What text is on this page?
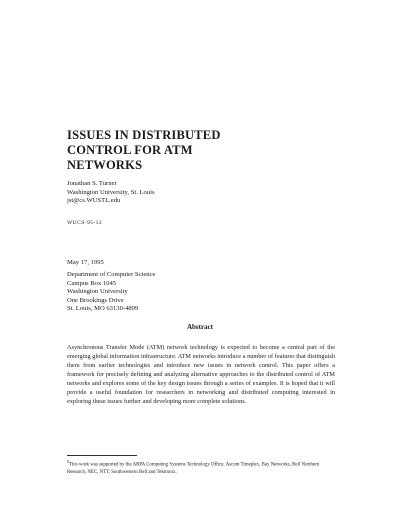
ISSUES IN DISTRIBUTED
CONTROL FOR ATM
NETWORKS
Jonathan S. Turner
Washington University, St. Louis
jst@cs.WUSTL.edu
WUCS-95-12
May 17, 1995
Department of Computer Science
Campus Box 1045
Washington University
One Brookings Drive
St. Louis, MO 63130-4899
Abstract
Asynchronous Transfer Mode (ATM) network technology is expected to become a central part of the emerging global information infrastructure. ATM networks introduce a number of features that distinguish them from earlier technologies and introduce new issues in network control. This paper offers a framework for precisely defining and analyzing alternative approaches to the distributed control of ATM networks and explores some of the key design issues through a series of examples. It is hoped that it will provide a useful foundation for researchers in networking and distributed computing interested in exploring these issues further and developing more complete solutions.
$^0$This work was supported by the ARPA Computing Systems Technology Office, Ascom Timeplex, Bay Networks, Bell Northern Research, NEC, NTT, Southwestern Bell and Tektronix.
